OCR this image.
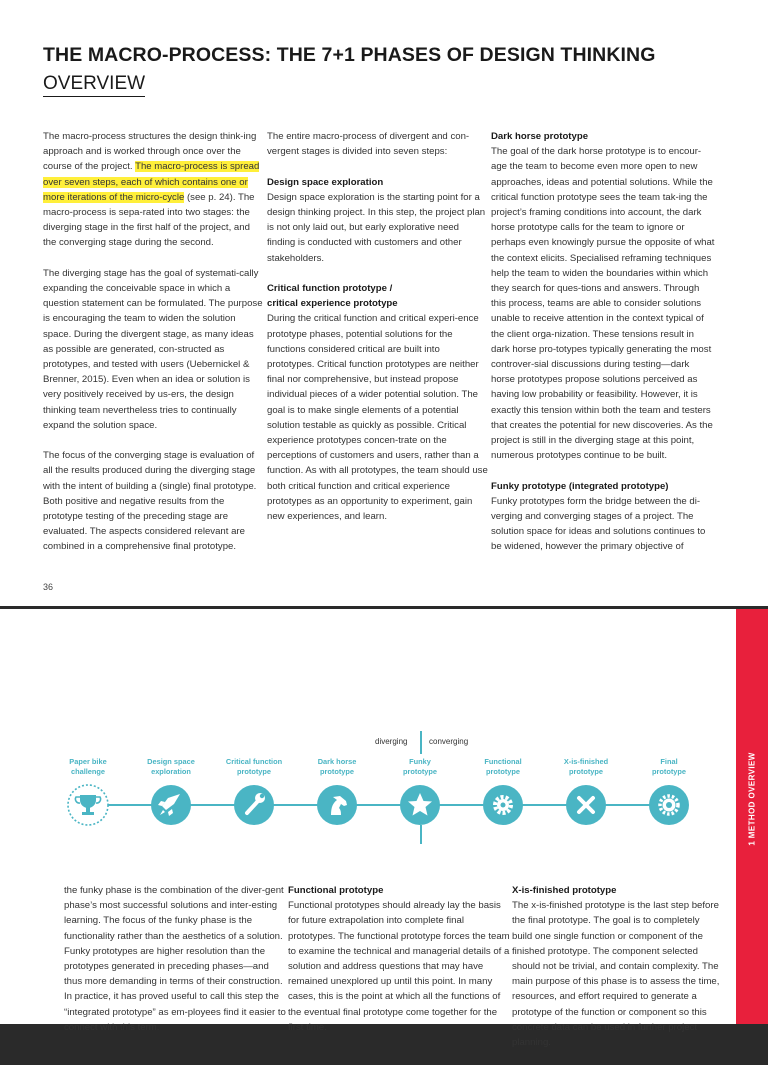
THE MACRO-PROCESS: THE 7+1 PHASES OF DESIGN THINKING
OVERVIEW

The macro-process structures the design think-ing approach and is worked through once over the course of the project. The macro-process is spread over seven steps, each of which contains one or more iterations of the micro-cycle (see p. 24). The macro-process is sepa-rated into two stages: the diverging stage in the first half of the project, and the converging stage during the second.

The diverging stage has the goal of systemati-cally expanding the conceivable space in which a question statement can be formulated. The purpose is encouraging the team to widen the solution space. During the divergent stage, as many ideas as possible are generated, con-structed as prototypes, and tested with users (Uebernickel & Brenner, 2015). Even when an idea or solution is very positively received by us-ers, the design thinking team nevertheless tries to continually expand the solution space.

The focus of the converging stage is evaluation of all the results produced during the diverging stage with the intent of building a (single) final prototype. Both positive and negative results from the prototype testing of the preceding stage are evaluated. The aspects considered relevant are combined in a comprehensive final prototype.

The entire macro-process of divergent and con-vergent stages is divided into seven steps:

Design space exploration

Design space exploration is the starting point for a design thinking project. In this step, the project plan is not only laid out, but early explorative need finding is conducted with customers and other stakeholders.

Critical function prototype /
critical experience prototype

During the critical function and critical experi-ence prototype phases, potential solutions for the functions considered critical are built into prototypes. Critical function prototypes are neither final nor comprehensive, but instead propose individual pieces of a wider potential solution. The goal is to make single elements of a potential solution testable as quickly as possible. Critical experience prototypes concen-trate on the perceptions of customers and users, rather than a function. As with all prototypes, the team should use both critical function and critical experience prototypes as an opportunity to experiment, gain new experiences, and learn.

Dark horse prototype

The goal of the dark horse prototype is to encour-age the team to become even more open to new approaches, ideas and potential solutions. While the critical function prototype sees the team tak-ing the project’s framing conditions into account, the dark horse prototype calls for the team to ignore or perhaps even knowingly pursue the opposite of what the context elicits. Specialised reframing techniques help the team to widen the boundaries within which they search for ques-tions and answers. Through this process, teams are able to consider solutions unable to receive attention in the context typical of the client orga-nization. These tensions result in dark horse pro-totypes typically generating the most controver-sial discussions during testing—dark horse prototypes propose solutions perceived as having low probability or feasibility. However, it is exactly this tension within both the team and testers that creates the potential for new discoveries. As the project is still in the diverging stage at this point, numerous prototypes continue to be built.

Funky prototype (integrated prototype)

Funky prototypes form the bridge between the di-verging and converging stages of a project. The solution space for ideas and solutions continues to be widened, however the primary objective of

36
1 METHOD OVERVIEW
diverging	converging
Paper bike
challenge
Design space
exploration
Critical function
prototype
Dark horse
prototype
Funky
prototype
Functional
prototype
X-is-finished
prototype
Final
prototype

the funky phase is the combination of the diver-gent phase’s most successful solutions and inter-esting learning. The focus of the funky phase is the functionality rather than the aesthetics of a solution. Funky prototypes are higher resolution than the prototypes generated in preceding phases—and thus more demanding in terms of their construction. In practice, it has proved useful to call this step the “integrated prototype” as em-ployees find it easier to connect with this term.

Functional prototype

Functional prototypes should already lay the basis for future extrapolation into complete final prototypes. The functional prototype forces the team to examine the technical and managerial details of a solution and address questions that may have remained unexplored up until this point. In many cases, this is the point at which all the functions of the eventual final prototype come together for the first time.

X-is-finished prototype

The x-is-finished prototype is the last step before the final prototype. The goal is to completely build one single function or component of the finished prototype. The component selected should not be trivial, and contain complexity. The main purpose of this phase is to assess the time, resources, and effort required to generate a prototype of the function or component so this concrete data can be used in further project planning.
